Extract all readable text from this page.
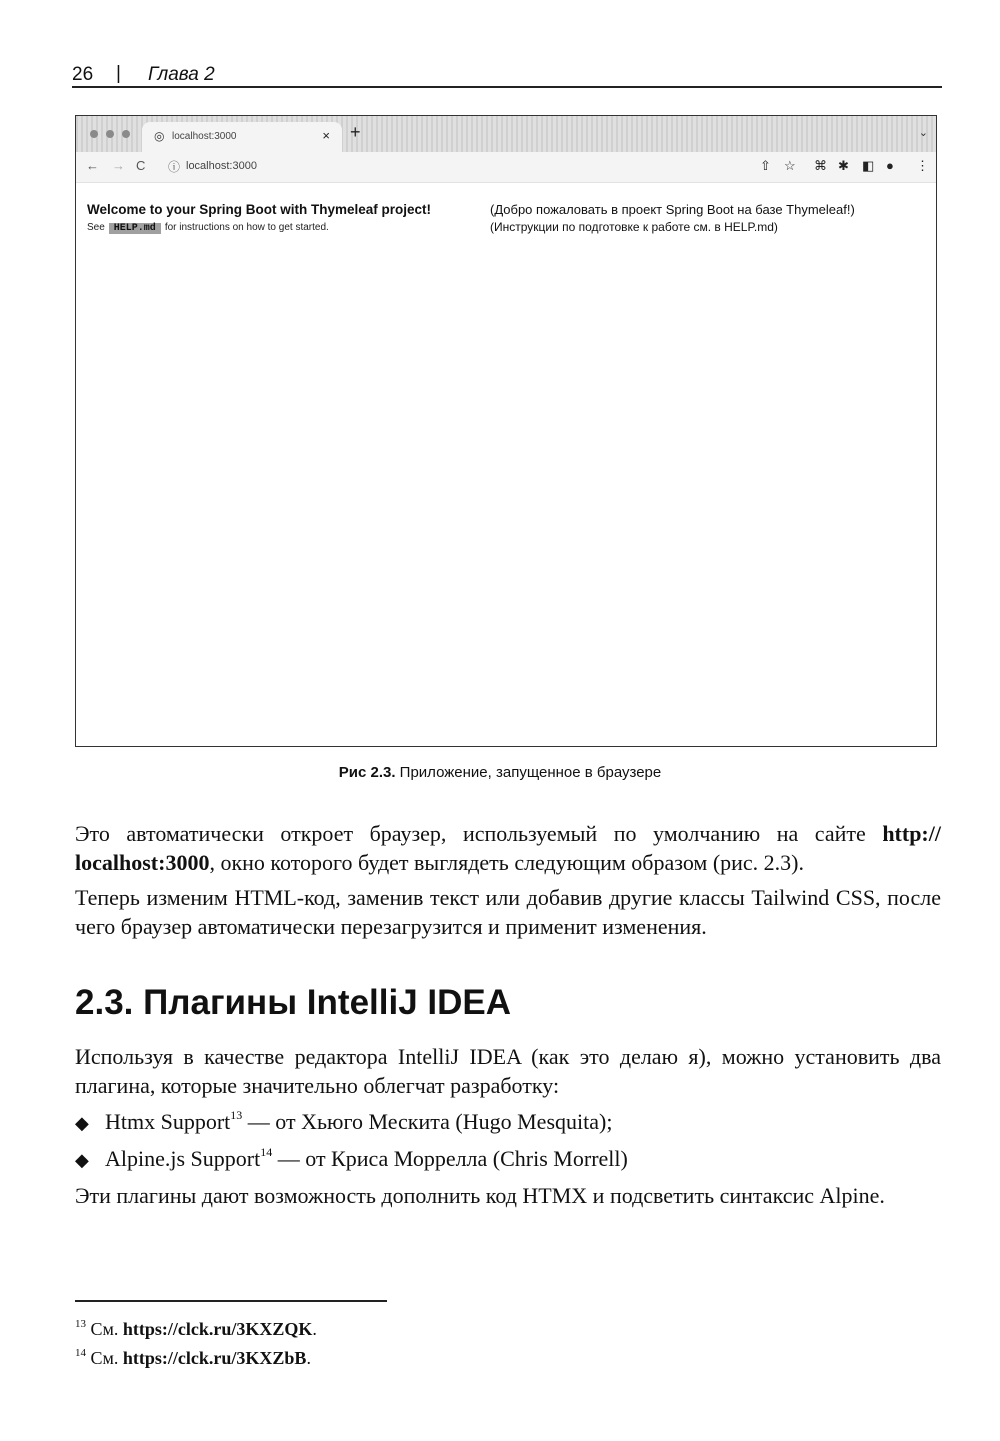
26 | Глава 2
◎ localhost:3000	× +	⌄
← → C ⓘ localhost:3000	⇧ ☆ ⌘ ✱ ◧ ● ⋮
Welcome to your Spring Boot with Thymeleaf project!
See HELP.md for instructions on how to get started.
(Добро пожаловать в проект Spring Boot на базе Thymeleaf!)
(Инструкции по подготовке к работе см. в HELP.md)
Рис 2.3. Приложение, запущенное в браузере
Это автоматически откроет браузер, используемый по умолчанию на сайте http:// localhost:3000, окно которого будет выглядеть следующим образом (рис. 2.3).
Теперь изменим HTML-код, заменив текст или добавив другие классы Tailwind CSS, после чего браузер автоматически перезагрузится и применит изменения.
2.3. Плагины IntelliJ IDEA
Используя в качестве редактора IntelliJ IDEA (как это делаю я), можно установить два плагина, которые значительно облегчат разработку:
◆ Htmx Support$^{13}$ — от Хьюго Мескита (Hugo Mesquita);
◆ Alpine.js Support$^{14}$ — от Криса Моррелла (Chris Morrell)
Эти плагины дают возможность дополнить код HTMX и подсветить синтаксис Alpine.
$^{13}$ См. https://clck.ru/3KXZQK.
$^{14}$ См. https://clck.ru/3KXZbB.
